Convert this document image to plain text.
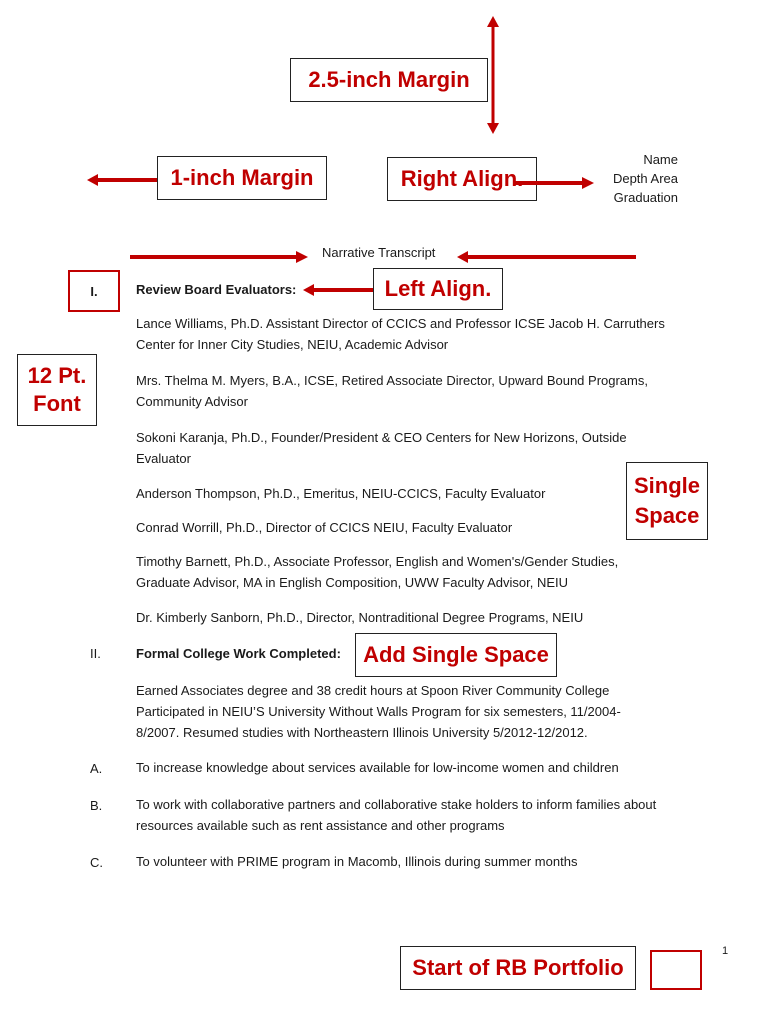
2.5-inch Margin
1-inch Margin	Right Align.
Name
Depth Area
Graduation
Narrative Transcript
I.	Review Board Evaluators:	Left Align.
12 Pt.
Font
Lance Williams, Ph.D. Assistant Director of CCICS and Professor ICSE Jacob H. Carruthers Center for Inner City Studies, NEIU, Academic Advisor
Mrs. Thelma M. Myers, B.A., ICSE, Retired Associate Director, Upward Bound Programs, Community Advisor
Sokoni Karanja, Ph.D., Founder/President & CEO Centers for New Horizons, Outside Evaluator
Anderson Thompson, Ph.D., Emeritus, NEIU-CCICS, Faculty Evaluator
Conrad Worrill, Ph.D., Director of CCICS NEIU, Faculty Evaluator
Timothy Barnett, Ph.D., Associate Professor, English and Women's/Gender Studies, Graduate Advisor, MA in English Composition, UWW Faculty Advisor, NEIU
Dr. Kimberly Sanborn, Ph.D., Director, Nontraditional Degree Programs, NEIU
Single
Space
II.	Formal College Work Completed:	Add Single Space
Earned Associates degree and 38 credit hours at Spoon River Community College Participated in NEIU’S University Without Walls Program for six semesters, 11/2004-8/2007. Resumed studies with Northeastern Illinois University 5/2012-12/2012.
A.	To increase knowledge about services available for low-income women and children
B.	To work with collaborative partners and collaborative stake holders to inform families about resources available such as rent assistance and other programs
C.	To volunteer with PRIME program in Macomb, Illinois during summer months
Start of RB Portfolio
1
